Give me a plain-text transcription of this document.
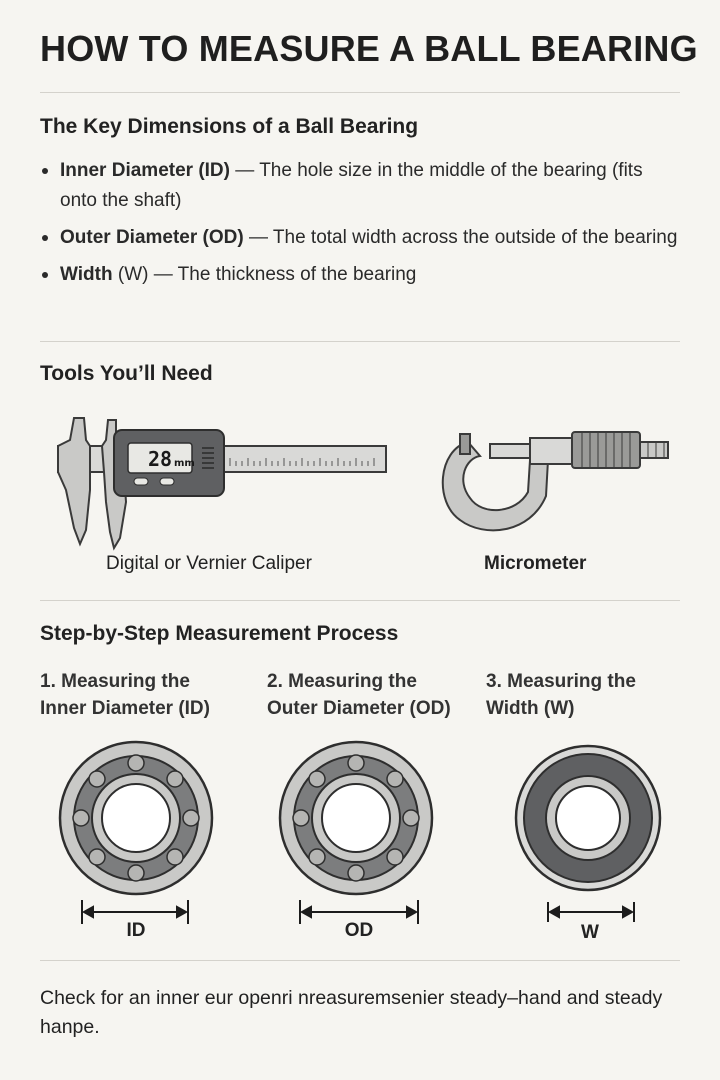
HOW TO MEASURE A BALL BEARING
The Key Dimensions of a Ball Bearing
Inner Diameter (ID) — The hole size in the middle of the bearing (fits onto the shaft)
Outer Diameter (OD) — The total width across the outside of the bearing
Width (W) — The thickness of the bearing
Tools You’ll Need
28 mm
Digital or Vernier Caliper	Micrometer
Step-by-Step Measurement Process
1. Measuring the
Inner Diameter (ID)
2. Measuring the
Outer Diameter (OD)
3. Measuring the
Width (W)
ID	OD	W

Check for an inner eur openri nreasuremsenier steady–hand and steady hanpe.
